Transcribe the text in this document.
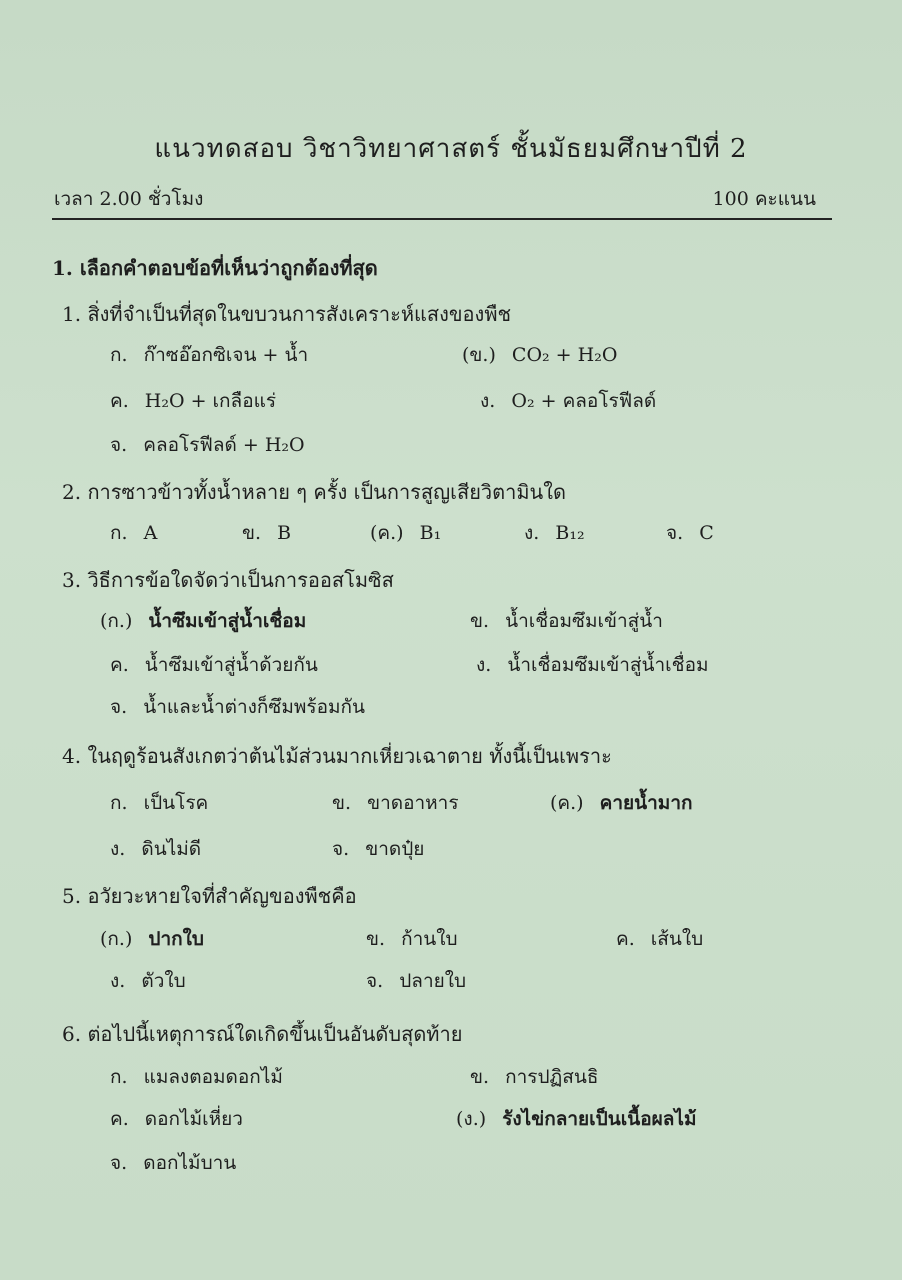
แนวทดสอบ วิชาวิทยาศาสตร์ ชั้นมัธยมศึกษาปีที่ 2
เวลา 2.00 ชั่วโมง	100 คะแนน
1. เลือกคำตอบข้อที่เห็นว่าถูกต้องที่สุด
1. สิ่งที่จำเป็นที่สุดในขบวนการสังเคราะห์แสงของพืช
ก. ก๊าซอ๊อกซิเจน + น้ำ	(ข.) CO₂ + H₂O
ค. H₂O + เกลือแร่	ง. O₂ + คลอโรฟีลด์
จ. คลอโรฟีลด์ + H₂O
2. การซาวข้าวทั้งน้ำหลาย ๆ ครั้ง เป็นการสูญเสียวิตามินใด
ก. A	ข. B	(ค.) B₁	ง. B₁₂	จ. C
3. วิธีการข้อใดจัดว่าเป็นการออสโมซิส
(ก.) น้ำซึมเข้าสู่น้ำเชื่อม	ข. น้ำเชื่อมซึมเข้าสู่น้ำ
ค. น้ำซึมเข้าสู่น้ำด้วยกัน	ง. น้ำเชื่อมซึมเข้าสู่น้ำเชื่อม
จ. น้ำและน้ำต่างก็ซึมพร้อมกัน
4. ในฤดูร้อนสังเกตว่าต้นไม้ส่วนมากเหี่ยวเฉาตาย ทั้งนี้เป็นเพราะ
ก. เป็นโรค	ข. ขาดอาหาร	(ค.) คายน้ำมาก
ง. ดินไม่ดี	จ. ขาดปุ๋ย
5. อวัยวะหายใจที่สำคัญของพืชคือ
(ก.) ปากใบ	ข. ก้านใบ	ค. เส้นใบ
ง. ตัวใบ	จ. ปลายใบ
6. ต่อไปนี้เหตุการณ์ใดเกิดขึ้นเป็นอันดับสุดท้าย
ก. แมลงตอมดอกไม้	ข. การปฏิสนธิ
ค. ดอกไม้เหี่ยว	(ง.) รังไข่กลายเป็นเนื้อผลไม้
จ. ดอกไม้บาน
